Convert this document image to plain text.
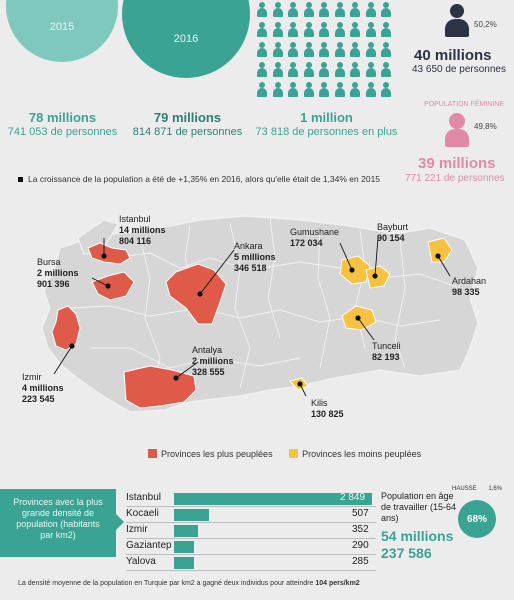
2015
2016
50,2%
40 millions
43 650 de personnes
78 millions
741 053 de personnes
79 millions
814 871 de personnes
1 million
73 818 de personnes en plus
POPULATION FÉMININE
49,8%
39 millions
771 221 de personnes
La croissance de la population a été de +1,35% en 2016, alors qu'elle était de 1,34% en 2015
Istanbul
14 millions
804 116
Bursa
2 millions
901 396
Ankara
5 millions
346 518
Izmir
4 millions
223 545
Antalya
2 millions
328 555
Gumushane
172 034
Bayburt
90 154
Ardahan
98 335
Tunceli
82 193
Kilis
130 825
Provinces les plus peuplées	Provinces les moins peuplées
Provinces avec la plus grande densité de population (habitants par km2)
Istanbul	2 849
Kocaeli	507
Izmir	352
Gaziantep	290
Yalova	285
Population en âge de travailler (15-64 ans)
HAUSSE 1,6%
68%
54 millions
237 586
La densité moyenne de la population en Turquie par km2 a gagné deux individus pour atteindre 104 pers/km2
